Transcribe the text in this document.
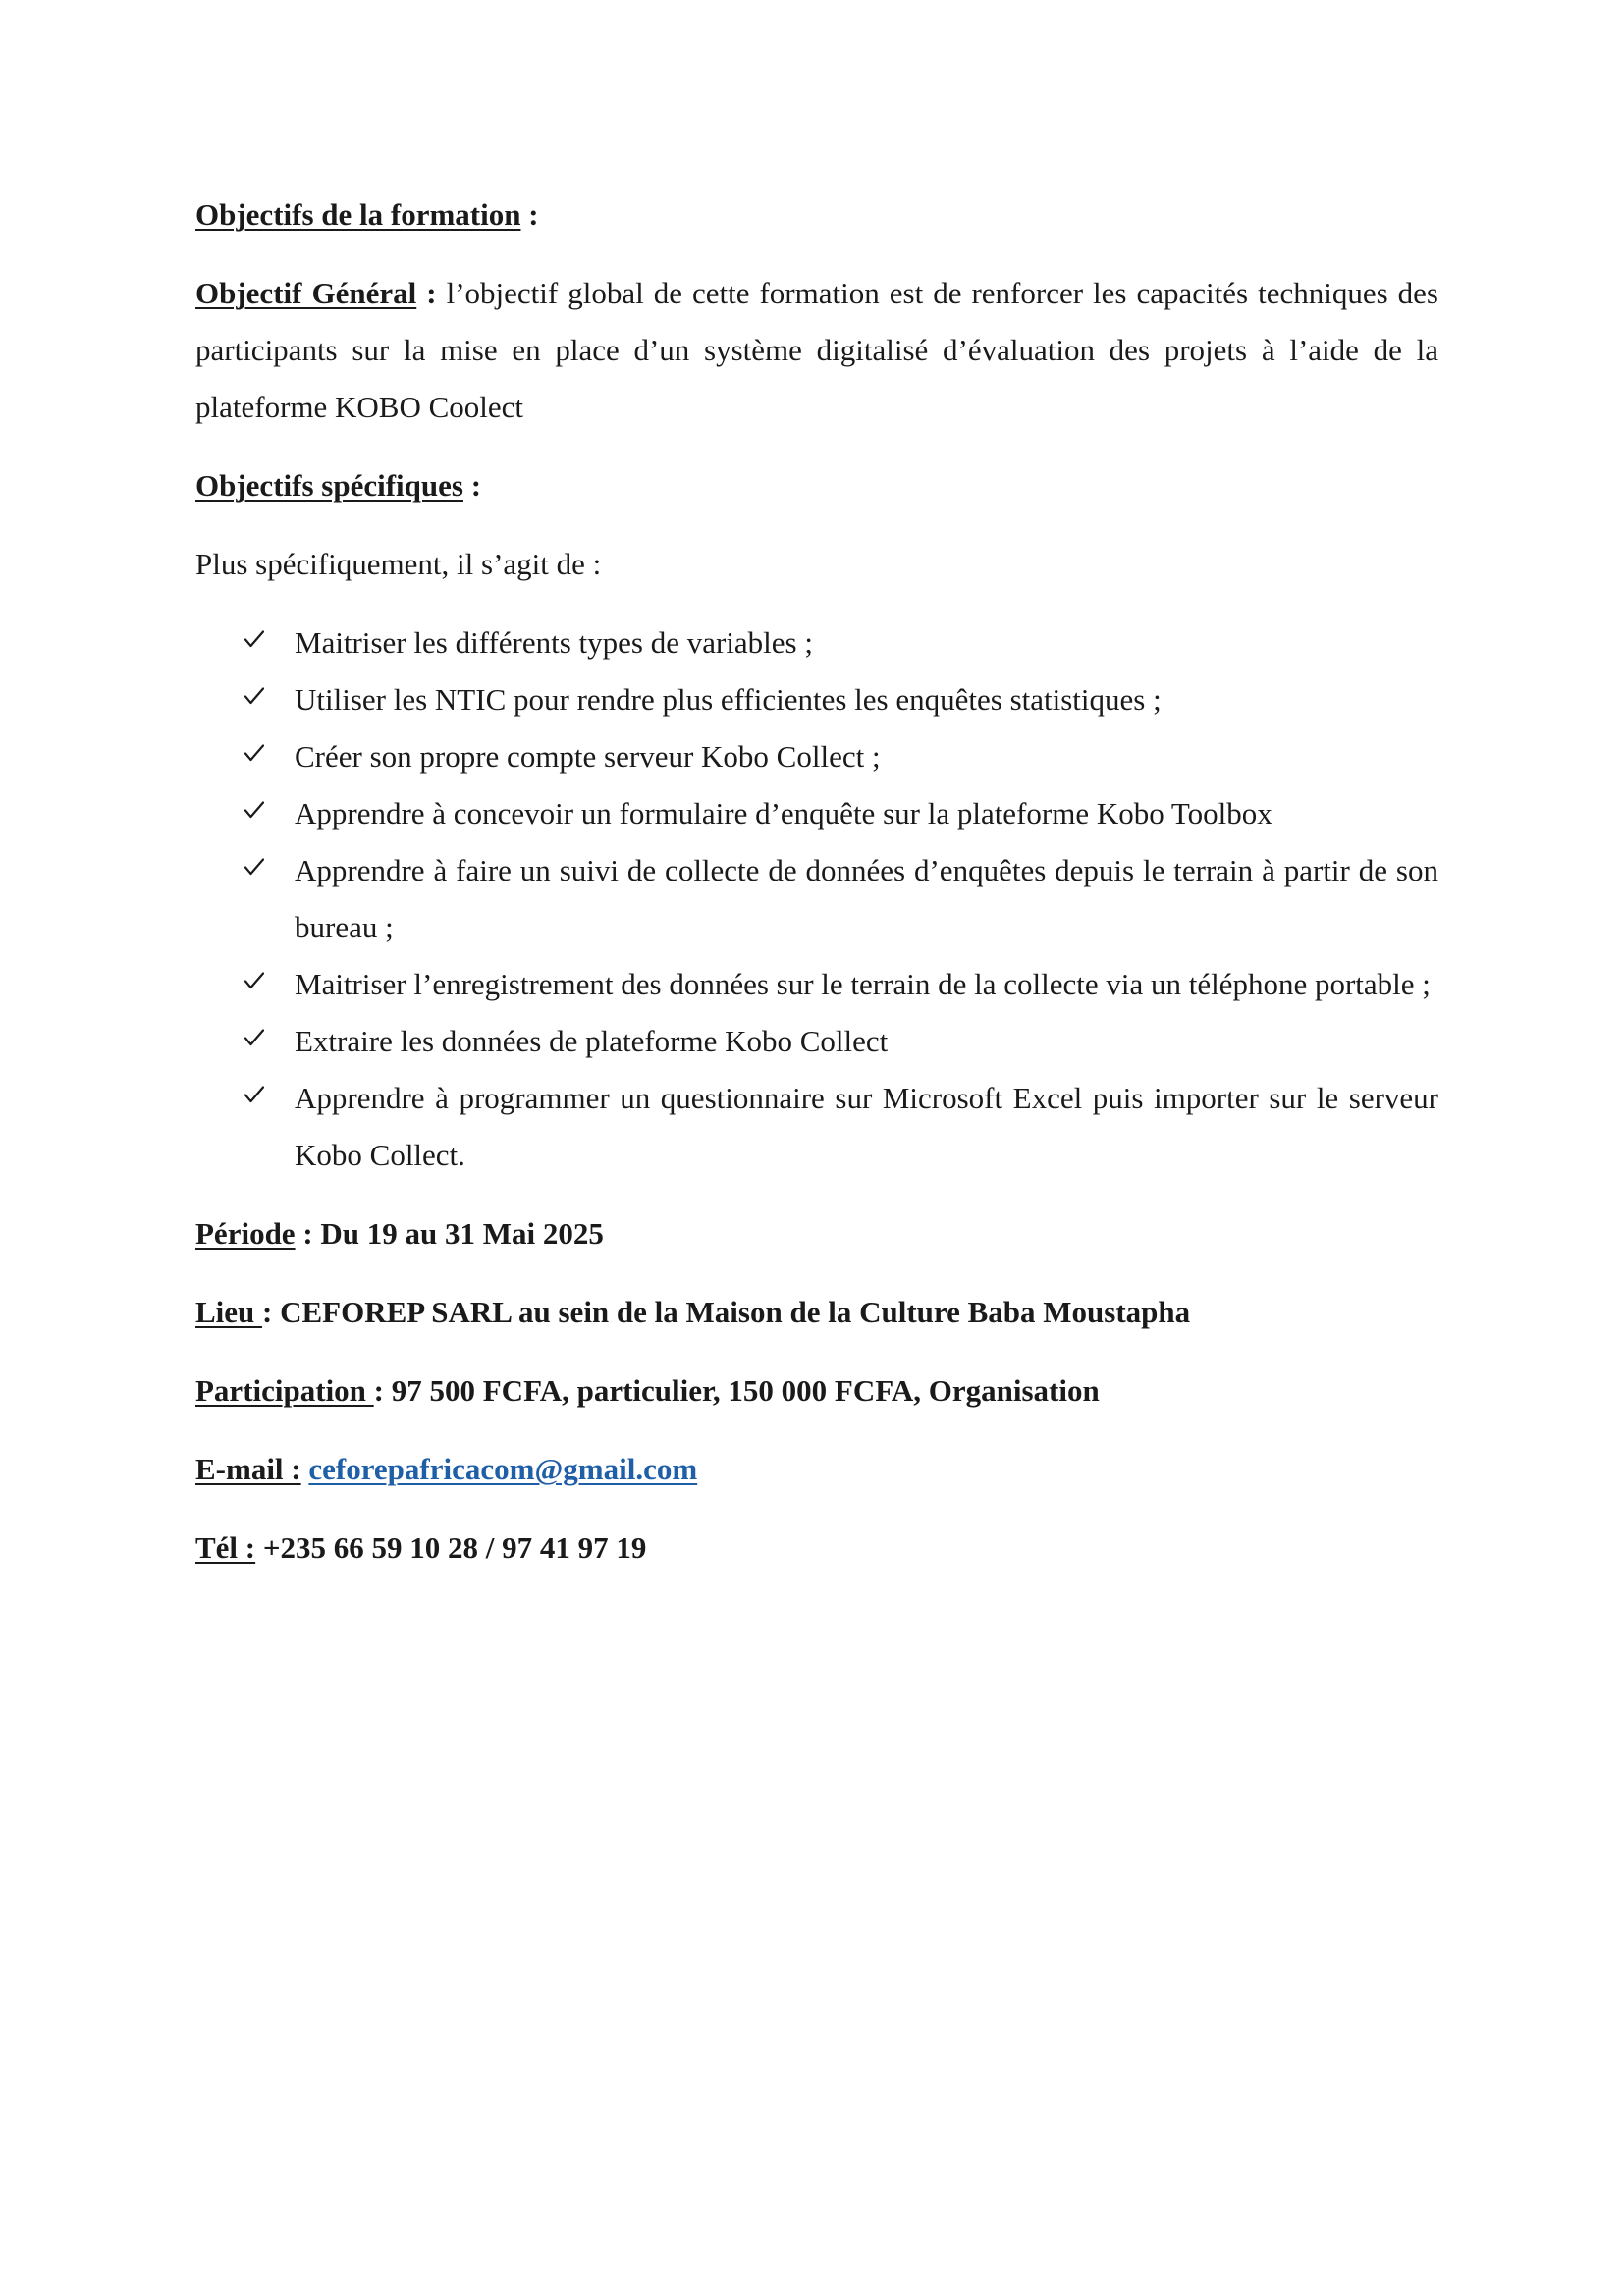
Objectifs de la formation :

Objectif Général : l’objectif global de cette formation est de renforcer les capacités techniques des participants sur la mise en place d’un système digitalisé d’évaluation des projets à l’aide de la plateforme KOBO Coolect

Objectifs spécifiques :

Plus spécifiquement, il s’agit de :

Maitriser les différents types de variables ;
Utiliser les NTIC pour rendre plus efficientes les enquêtes statistiques ;
Créer son propre compte serveur Kobo Collect ;
Apprendre à concevoir un formulaire d’enquête sur la plateforme Kobo Toolbox
Apprendre à faire un suivi de collecte de données d’enquêtes depuis le terrain à partir de son bureau ;
Maitriser l’enregistrement des données sur le terrain de la collecte via un téléphone portable ;
Extraire les données de plateforme Kobo Collect
Apprendre à programmer un questionnaire sur Microsoft Excel puis importer sur le serveur Kobo Collect.

Période : Du 19 au 31 Mai 2025

Lieu : CEFOREP SARL au sein de la Maison de la Culture Baba Moustapha

Participation : 97 500 FCFA, particulier, 150 000 FCFA, Organisation

E-mail : ceforepafricacom@gmail.com

Tél : +235 66 59 10 28 / 97 41 97 19
